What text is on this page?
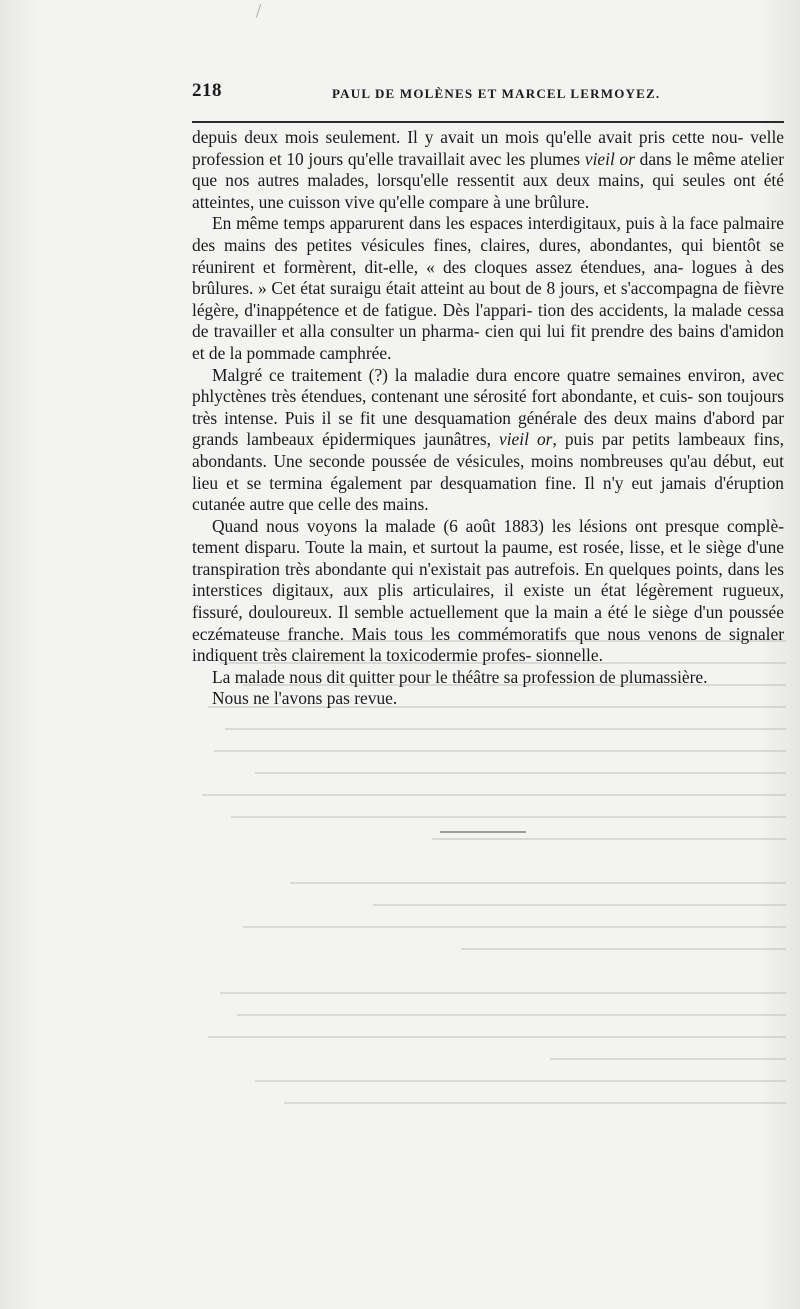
218	PAUL DE MOLÈNES ET MARCEL LERMOYEZ.

depuis deux mois seulement. Il y avait un mois qu'elle avait pris cette nou- velle profession et 10 jours qu'elle travaillait avec les plumes vieil or dans le même atelier que nos autres malades, lorsqu'elle ressentit aux deux mains, qui seules ont été atteintes, une cuisson vive qu'elle compare à une brûlure.

En même temps apparurent dans les espaces interdigitaux, puis à la face palmaire des mains des petites vésicules fines, claires, dures, abondantes, qui bientôt se réunirent et formèrent, dit-elle, « des cloques assez étendues, ana- logues à des brûlures. » Cet état suraigu était atteint au bout de 8 jours, et s'accompagna de fièvre légère, d'inappétence et de fatigue. Dès l'appari- tion des accidents, la malade cessa de travailler et alla consulter un pharma- cien qui lui fit prendre des bains d'amidon et de la pommade camphrée.

Malgré ce traitement (?) la maladie dura encore quatre semaines environ, avec phlyctènes très étendues, contenant une sérosité fort abondante, et cuis- son toujours très intense. Puis il se fit une desquamation générale des deux mains d'abord par grands lambeaux épidermiques jaunâtres, vieil or, puis par petits lambeaux fins, abondants. Une seconde poussée de vésicules, moins nombreuses qu'au début, eut lieu et se termina également par desquamation fine. Il n'y eut jamais d'éruption cutanée autre que celle des mains.

Quand nous voyons la malade (6 août 1883) les lésions ont presque complè- tement disparu. Toute la main, et surtout la paume, est rosée, lisse, et le siège d'une transpiration très abondante qui n'existait pas autrefois. En quelques points, dans les interstices digitaux, aux plis articulaires, il existe un état légèrement rugueux, fissuré, douloureux. Il semble actuellement que la main a été le siège d'un poussée eczémateuse franche. Mais tous les commémoratifs que nous venons de signaler indiquent très clairement la toxicodermie profes- sionnelle.

La malade nous dit quitter pour le théâtre sa profession de plumassière.

Nous ne l'avons pas revue.
